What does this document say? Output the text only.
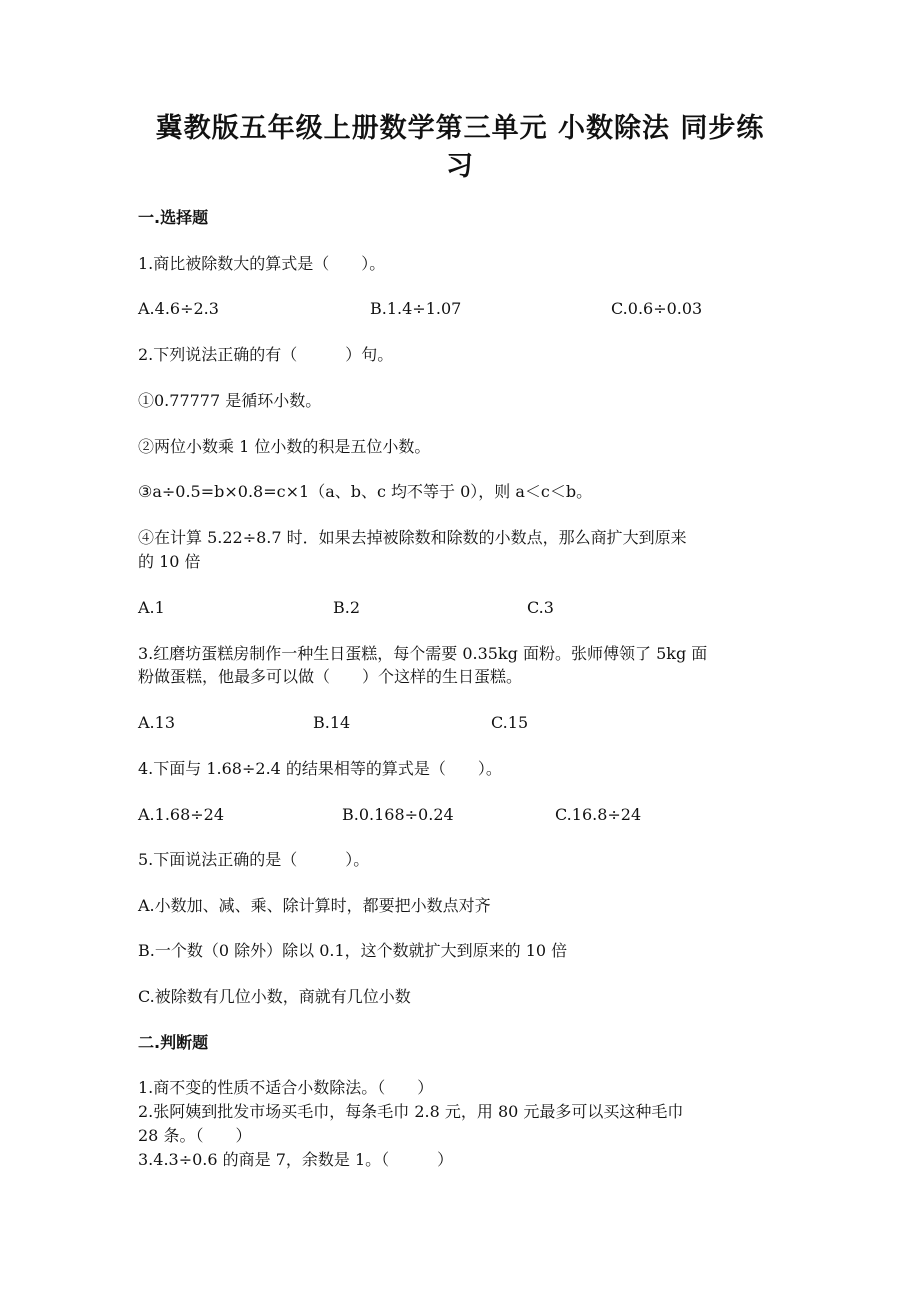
冀教版五年级上册数学第三单元 小数除法 同步练
习
一.选择题
1.商比被除数大的算式是（　　）。
A.4.6÷2.3	B.1.4÷1.07	C.0.6÷0.03
2.下列说法正确的有（　　　）句。
①0.77777 是循环小数。
②两位小数乘 1 位小数的积是五位小数。
③a÷0.5=b×0.8=c×1（a、b、c 均不等于 0），则 a＜c＜b。
④在计算 5.22÷8.7 时．如果去掉被除数和除数的小数点，那么商扩大到原来
的 10 倍
A.1	B.2	C.3
3.红磨坊蛋糕房制作一种生日蛋糕，每个需要 0.35kg 面粉。张师傅领了 5kg 面
粉做蛋糕，他最多可以做（　　）个这样的生日蛋糕。
A.13	B.14	C.15
4.下面与 1.68÷2.4 的结果相等的算式是（　　）。
A.1.68÷24	B.0.168÷0.24	C.16.8÷24
5.下面说法正确的是（　　　）。
A.小数加、减、乘、除计算时，都要把小数点对齐
B.一个数（0 除外）除以 0.1，这个数就扩大到原来的 10 倍
C.被除数有几位小数，商就有几位小数
二.判断题
1.商不变的性质不适合小数除法。（　　）
2.张阿姨到批发市场买毛巾，每条毛巾 2.8 元，用 80 元最多可以买这种毛巾
28 条。（　　）
3.4.3÷0.6 的商是 7，余数是 1。（　　　）
